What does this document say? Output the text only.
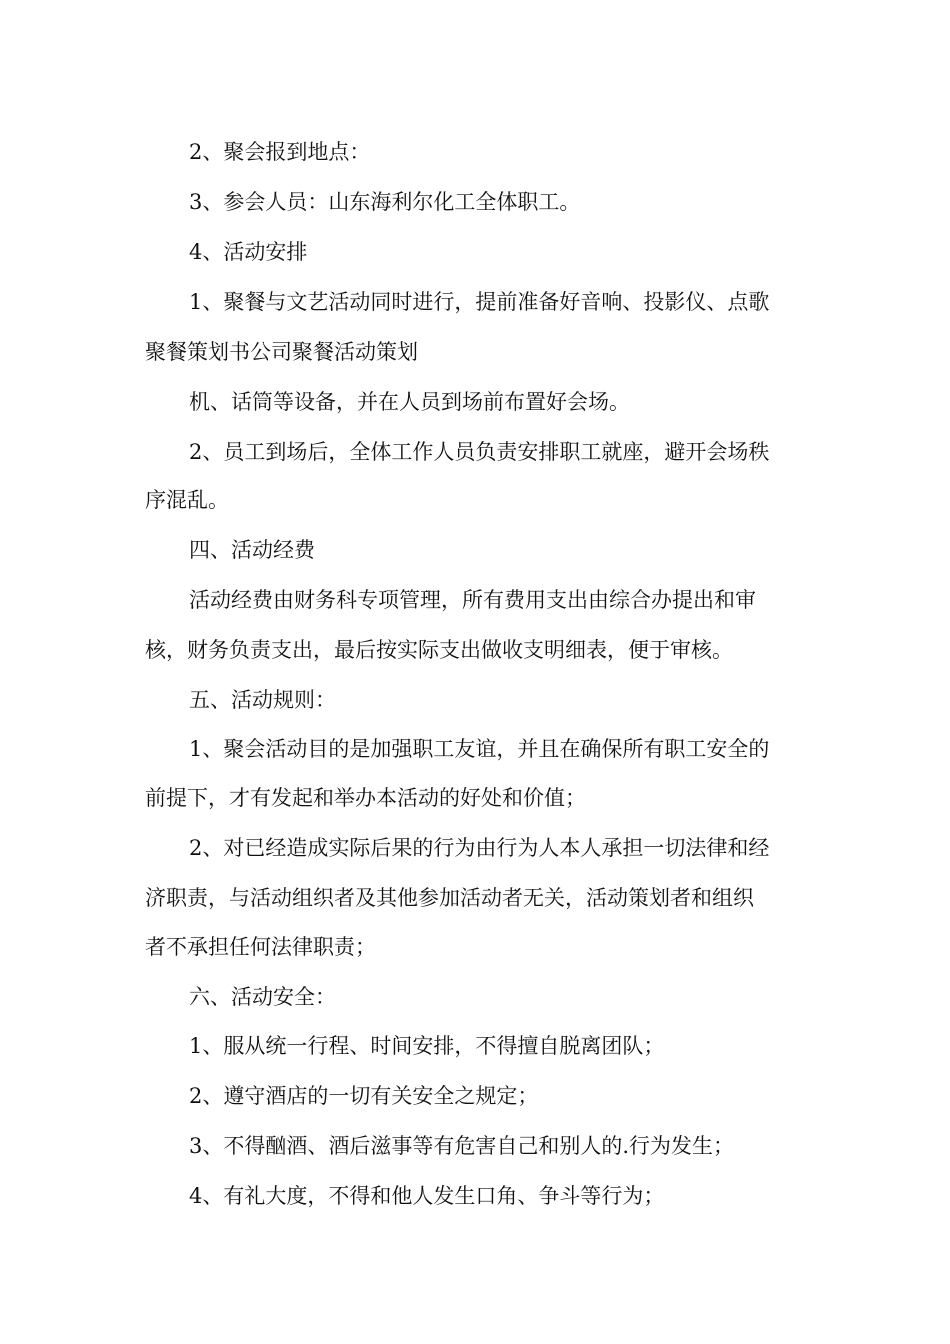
2、聚会报到地点：
3、参会人员：山东海利尔化工全体职工。
4、活动安排
1、聚餐与文艺活动同时进行，提前准备好音响、投影仪、点歌
聚餐策划书公司聚餐活动策划
机、话筒等设备，并在人员到场前布置好会场。
2、员工到场后，全体工作人员负责安排职工就座，避开会场秩
序混乱。
四、活动经费
活动经费由财务科专项管理，所有费用支出由综合办提出和审
核，财务负责支出，最后按实际支出做收支明细表，便于审核。
五、活动规则：
1、聚会活动目的是加强职工友谊，并且在确保所有职工安全的
前提下，才有发起和举办本活动的好处和价值；
2、对已经造成实际后果的行为由行为人本人承担一切法律和经
济职责，与活动组织者及其他参加活动者无关，活动策划者和组织
者不承担任何法律职责；
六、活动安全：
1、服从统一行程、时间安排，不得擅自脱离团队；
2、遵守酒店的一切有关安全之规定；
3、不得酗酒、酒后滋事等有危害自己和别人的.行为发生；
4、有礼大度，不得和他人发生口角、争斗等行为；
